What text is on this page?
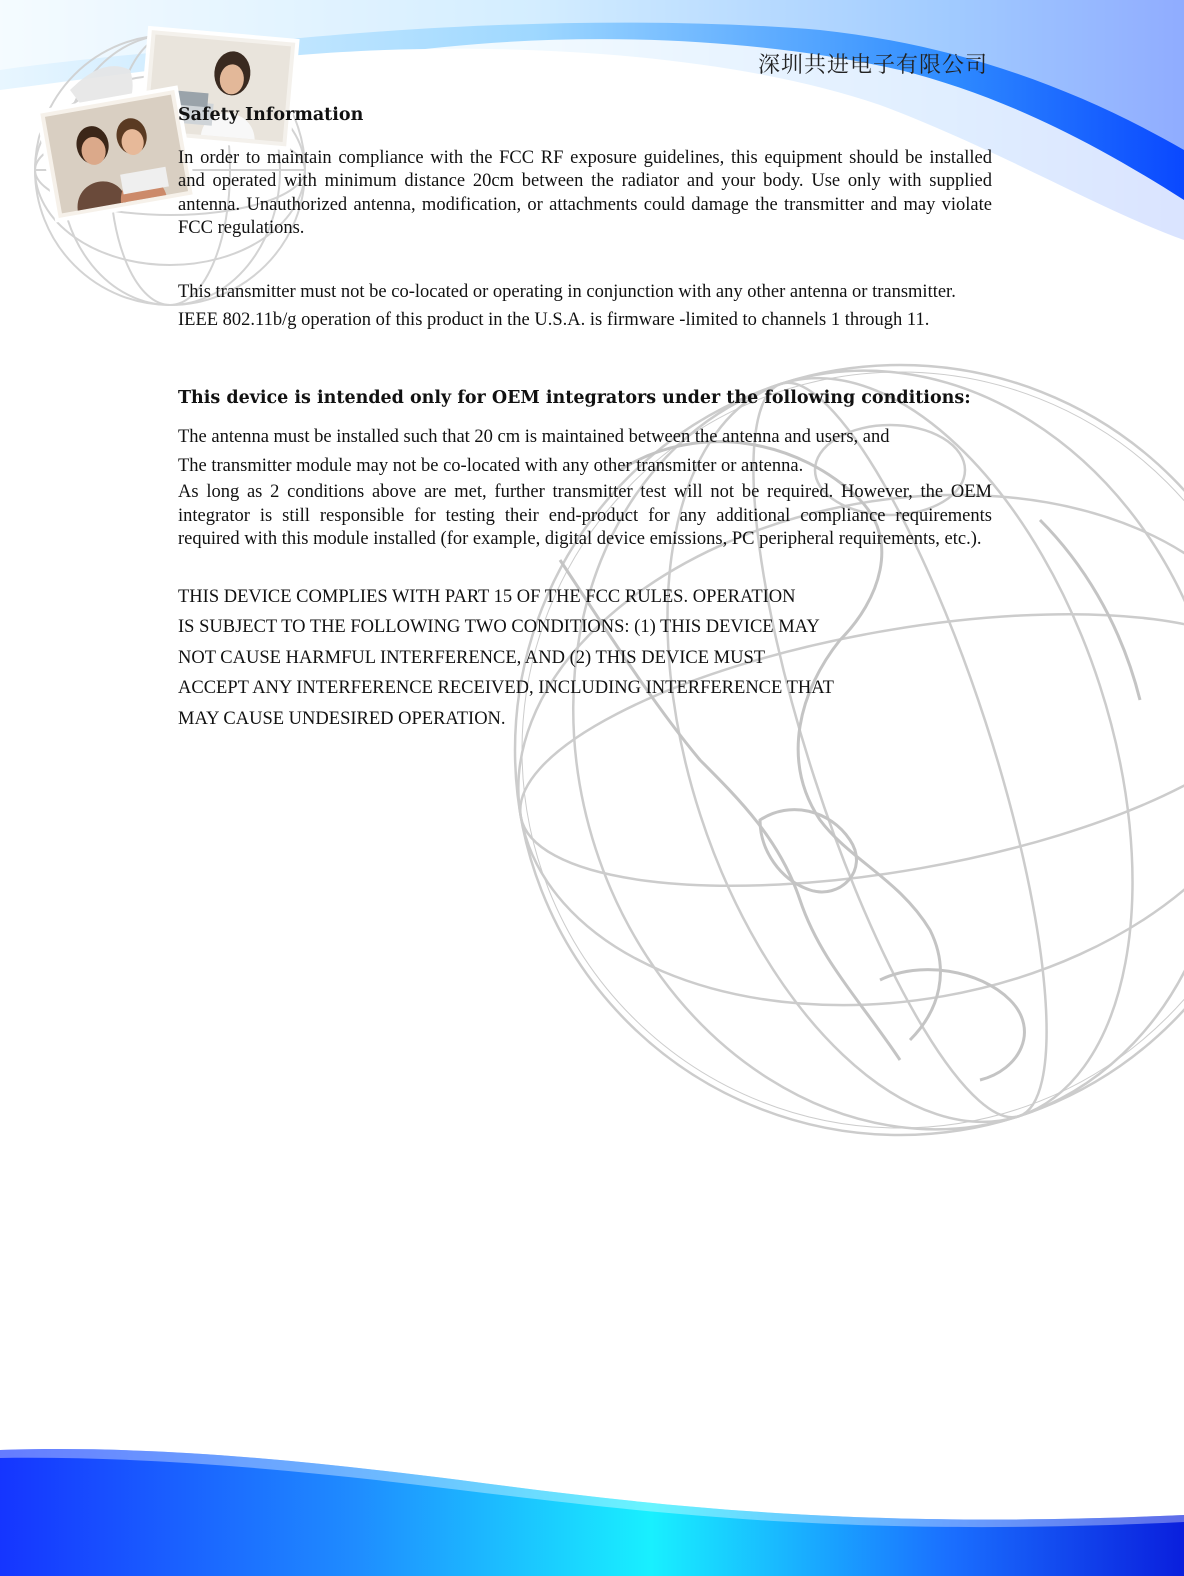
深圳共进电子有限公司

Safety Information

In order to maintain compliance with the FCC RF exposure guidelines, this equipment should be installed and operated with minimum distance 20cm between the radiator and your body. Use only with supplied antenna. Unauthorized antenna, modification, or attachments could damage the transmitter and may violate FCC regulations.

This transmitter must not be co-located or operating in conjunction with any other antenna or transmitter.

IEEE 802.11b/g operation of this product in the U.S.A. is firmware -limited to channels 1 through 11.

This device is intended only for OEM integrators under the following conditions:

The antenna must be installed such that 20 cm is maintained between the antenna and users, and

The transmitter module may not be co-located with any other transmitter or antenna.

As long as 2 conditions above are met, further transmitter test will not be required. However, the OEM integrator is still responsible for testing their end-product for any additional compliance requirements required with this module installed (for example, digital device emissions, PC peripheral requirements, etc.).

THIS DEVICE COMPLIES WITH PART 15 OF THE FCC RULES. OPERATION

IS SUBJECT TO THE FOLLOWING TWO CONDITIONS: (1) THIS DEVICE MAY

NOT CAUSE HARMFUL INTERFERENCE, AND (2) THIS DEVICE MUST

ACCEPT ANY INTERFERENCE RECEIVED, INCLUDING INTERFERENCE THAT

MAY CAUSE UNDESIRED OPERATION.
